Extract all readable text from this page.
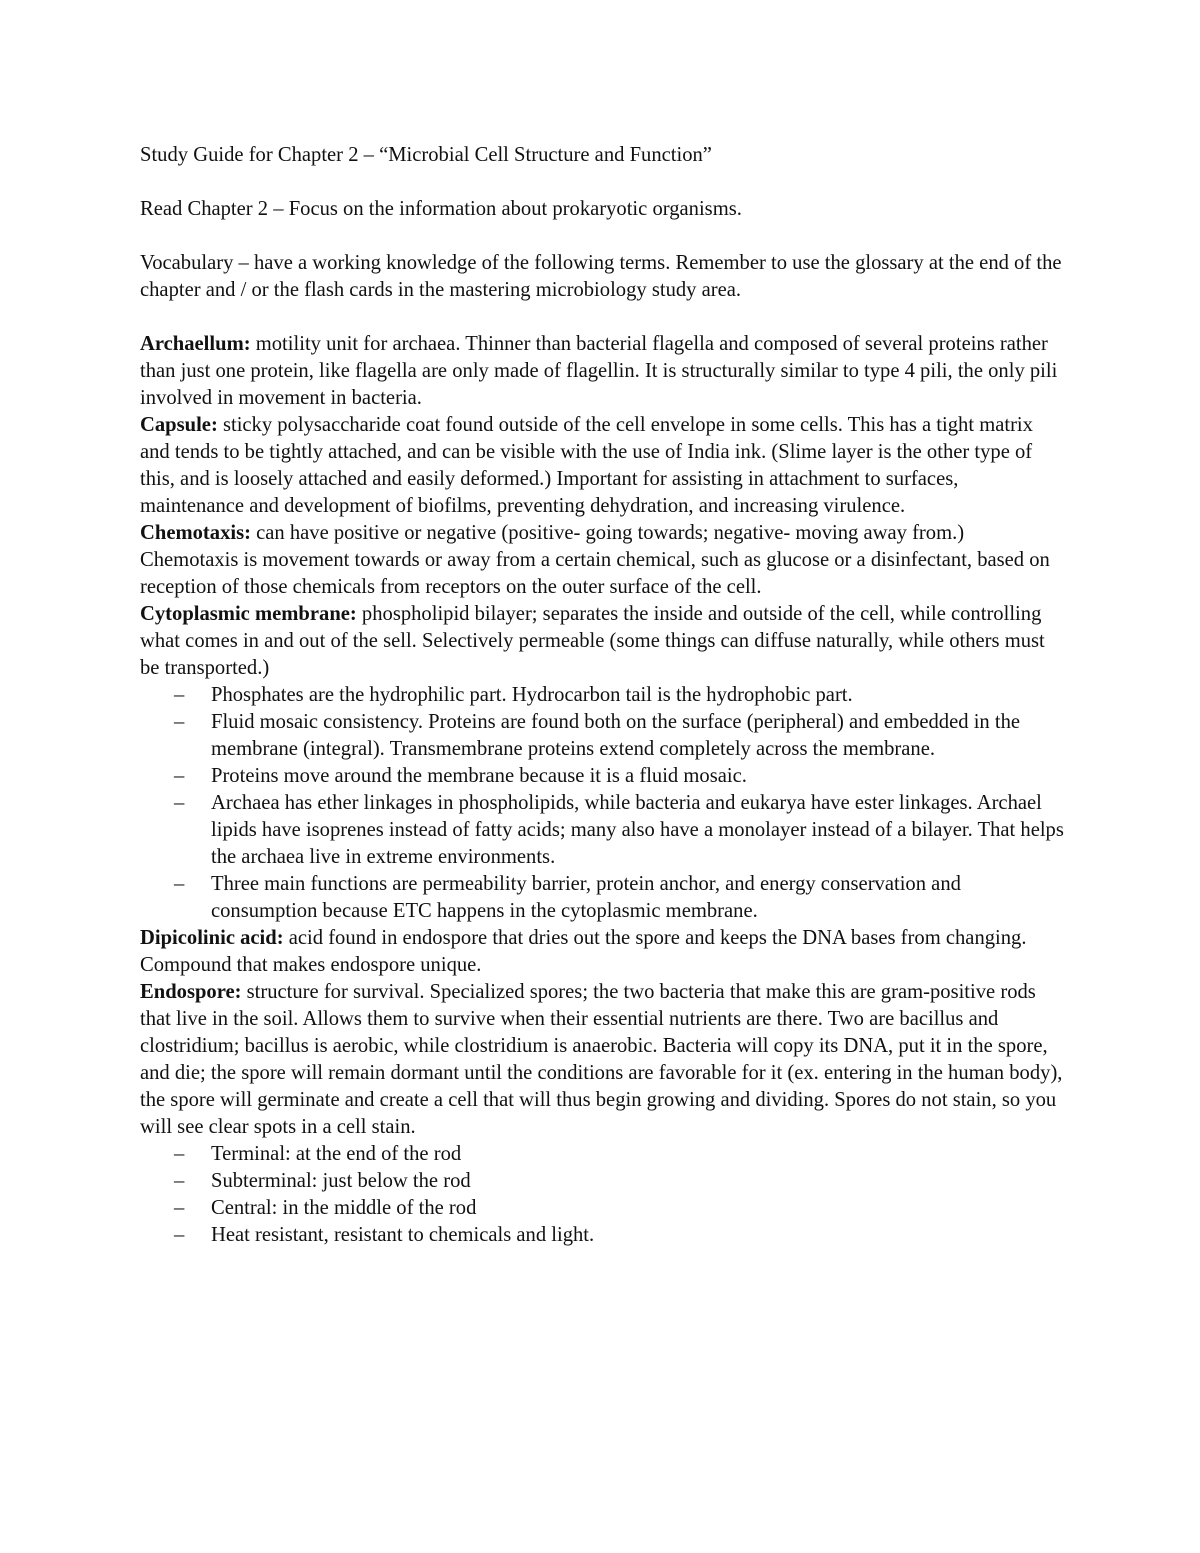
Study Guide for Chapter 2 – “Microbial Cell Structure and Function”

Read Chapter 2 – Focus on the information about prokaryotic organisms.

Vocabulary – have a working knowledge of the following terms. Remember to use the glossary at the end of the chapter and / or the flash cards in the mastering microbiology study area.

Archaellum: motility unit for archaea. Thinner than bacterial flagella and composed of several proteins rather than just one protein, like flagella are only made of flagellin. It is structurally similar to type 4 pili, the only pili involved in movement in bacteria.

Capsule: sticky polysaccharide coat found outside of the cell envelope in some cells. This has a tight matrix and tends to be tightly attached, and can be visible with the use of India ink. (Slime layer is the other type of this, and is loosely attached and easily deformed.) Important for assisting in attachment to surfaces, maintenance and development of biofilms, preventing dehydration, and increasing virulence.

Chemotaxis: can have positive or negative (positive- going towards; negative- moving away from.) Chemotaxis is movement towards or away from a certain chemical, such as glucose or a disinfectant, based on reception of those chemicals from receptors on the outer surface of the cell.

Cytoplasmic membrane: phospholipid bilayer; separates the inside and outside of the cell, while controlling what comes in and out of the sell. Selectively permeable (some things can diffuse naturally, while others must be transported.)

– Phosphates are the hydrophilic part. Hydrocarbon tail is the hydrophobic part.
– Fluid mosaic consistency. Proteins are found both on the surface (peripheral) and embedded in the membrane (integral). Transmembrane proteins extend completely across the membrane.
– Proteins move around the membrane because it is a fluid mosaic.
– Archaea has ether linkages in phospholipids, while bacteria and eukarya have ester linkages. Archael lipids have isoprenes instead of fatty acids; many also have a monolayer instead of a bilayer. That helps the archaea live in extreme environments.
– Three main functions are permeability barrier, protein anchor, and energy conservation and consumption because ETC happens in the cytoplasmic membrane.

Dipicolinic acid: acid found in endospore that dries out the spore and keeps the DNA bases from changing. Compound that makes endospore unique.

Endospore: structure for survival. Specialized spores; the two bacteria that make this are gram-positive rods that live in the soil. Allows them to survive when their essential nutrients are there. Two are bacillus and clostridium; bacillus is aerobic, while clostridium is anaerobic. Bacteria will copy its DNA, put it in the spore, and die; the spore will remain dormant until the conditions are favorable for it (ex. entering in the human body), the spore will germinate and create a cell that will thus begin growing and dividing. Spores do not stain, so you will see clear spots in a cell stain.

– Terminal: at the end of the rod
– Subterminal: just below the rod
– Central: in the middle of the rod
– Heat resistant, resistant to chemicals and light.
